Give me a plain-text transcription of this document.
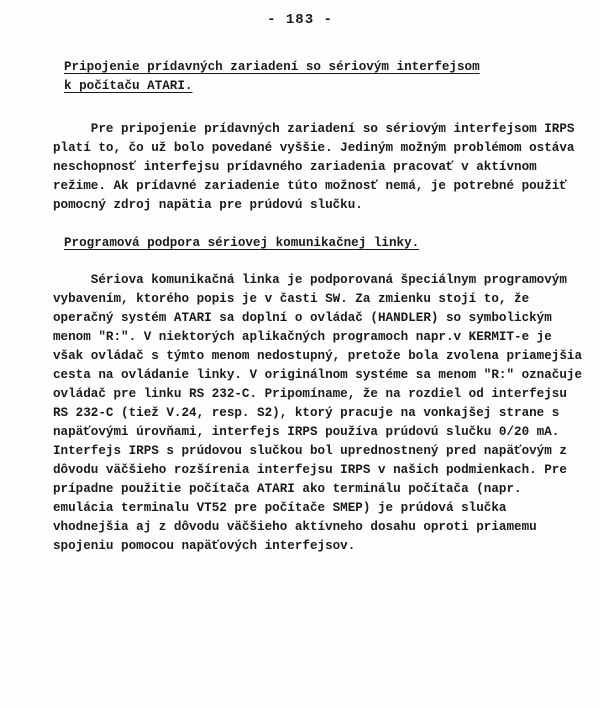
- 183 -
Pripojenie prídavných zariadení so sériovým interfejsom
k počítaču ATARI.
Pre pripojenie prídavných zariadení so sériovým interfejsom IRPS
platí to, čo už bolo povedané vyššie. Jediným možným problémom ostáva
neschopnosť interfejsu prídavného zariadenia pracovať v aktívnom
režime. Ak prídavné zariadenie túto možnosť nemá, je potrebné použiť
pomocný zdroj napätia pre prúdovú slučku.
Programová podpora sériovej komunikačnej linky.
Sériova komunikačná linka je podporovaná špeciálnym programovým
vybavením, ktorého popis je v časti SW. Za zmienku stojí to, že
operačný systém ATARI sa doplní o ovládač (HANDLER) so symbolickým
menom "R:". V niektorých aplikačných programoch napr.v KERMIT-e je
však ovládač s týmto menom nedostupný, pretože bola zvolena priamejšia
cesta na ovládanie linky. V originálnom systéme sa menom "R:" označuje
ovládač pre linku RS 232-C. Pripomíname, že na rozdiel od interfejsu
RS 232-C (tiež V.24, resp. S2), ktorý pracuje na vonkajšej strane s
napäťovými úrovňami, interfejs IRPS používa prúdovú slučku 0/20 mA.
Interfejs IRPS s prúdovou slučkou bol uprednostnený pred napäťovým z
dôvodu väčšieho rozšírenia interfejsu IRPS v našich podmienkach. Pre
prípadne použitie počítača ATARI ako terminálu počítača (napr.
emulácia terminalu VT52 pre počítače SMEP) je prúdová slučka
vhodnejšia aj z dôvodu väčšieho aktívneho dosahu oproti priamemu
spojeniu pomocou napäťových interfejsov.
